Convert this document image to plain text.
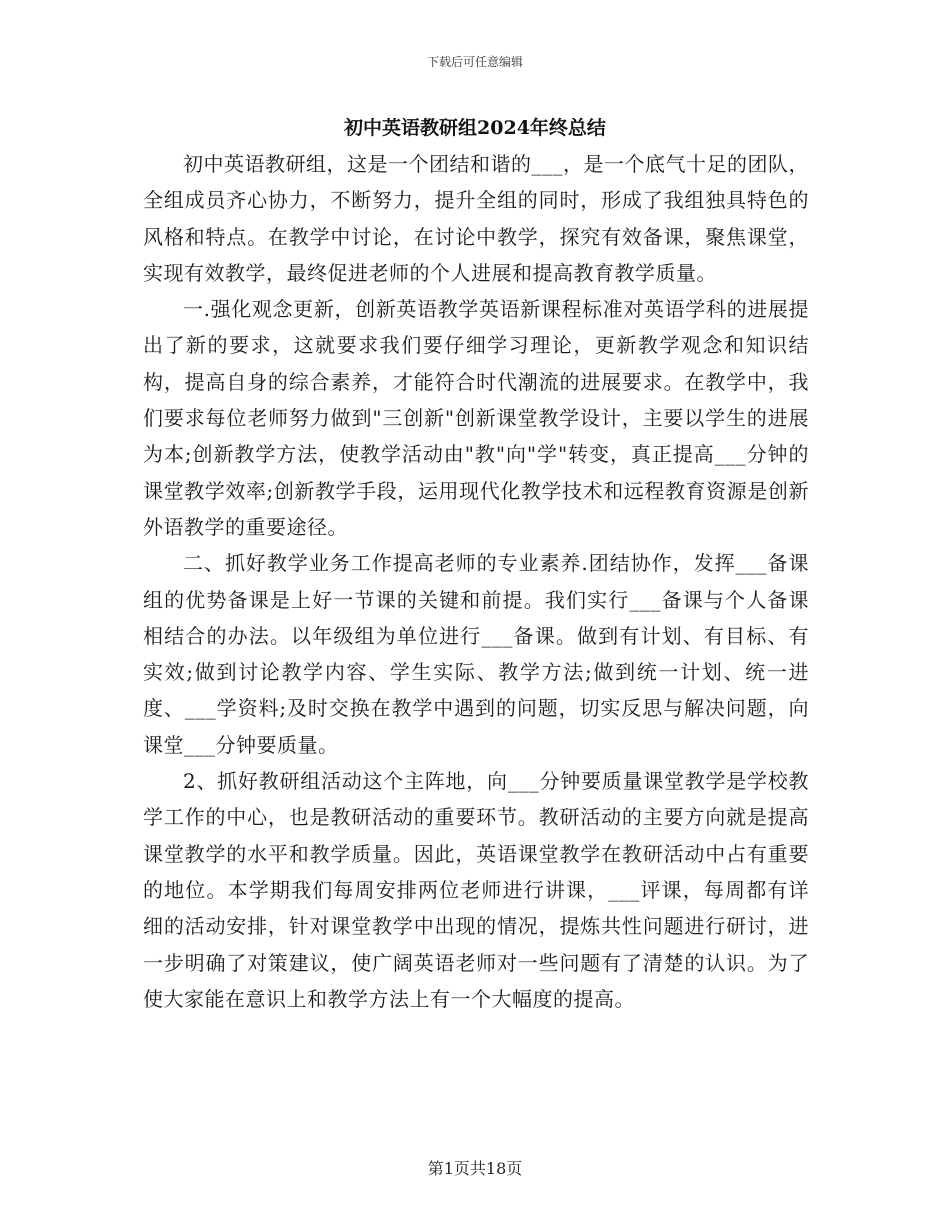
下载后可任意编辑
初中英语教研组2024年终总结

初中英语教研组，这是一个团结和谐的___，是一个底气十足的团队，全组成员齐心协力，不断努力，提升全组的同时，形成了我组独具特色的风格和特点。在教学中讨论，在讨论中教学，探究有效备课，聚焦课堂，实现有效教学，最终促进老师的个人进展和提高教育教学质量。

一.强化观念更新，创新英语教学英语新课程标准对英语学科的进展提出了新的要求，这就要求我们要仔细学习理论，更新教学观念和知识结构，提高自身的综合素养，才能符合时代潮流的进展要求。在教学中，我们要求每位老师努力做到"三创新"创新课堂教学设计，主要以学生的进展为本;创新教学方法，使教学活动由"教"向"学"转变，真正提高___分钟的课堂教学效率;创新教学手段，运用现代化教学技术和远程教育资源是创新外语教学的重要途径。

二、抓好教学业务工作提高老师的专业素养.团结协作，发挥___备课组的优势备课是上好一节课的关键和前提。我们实行___备课与个人备课相结合的办法。以年级组为单位进行___备课。做到有计划、有目标、有实效;做到讨论教学内容、学生实际、教学方法;做到统一计划、统一进度、___学资料;及时交换在教学中遇到的问题，切实反思与解决问题，向课堂___分钟要质量。

2、抓好教研组活动这个主阵地，向___分钟要质量课堂教学是学校教学工作的中心，也是教研活动的重要环节。教研活动的主要方向就是提高课堂教学的水平和教学质量。因此，英语课堂教学在教研活动中占有重要的地位。本学期我们每周安排两位老师进行讲课，___评课，每周都有详细的活动安排，针对课堂教学中出现的情况，提炼共性问题进行研讨，进一步明确了对策建议，使广阔英语老师对一些问题有了清楚的认识。为了使大家能在意识上和教学方法上有一个大幅度的提高。

第1页共18页
